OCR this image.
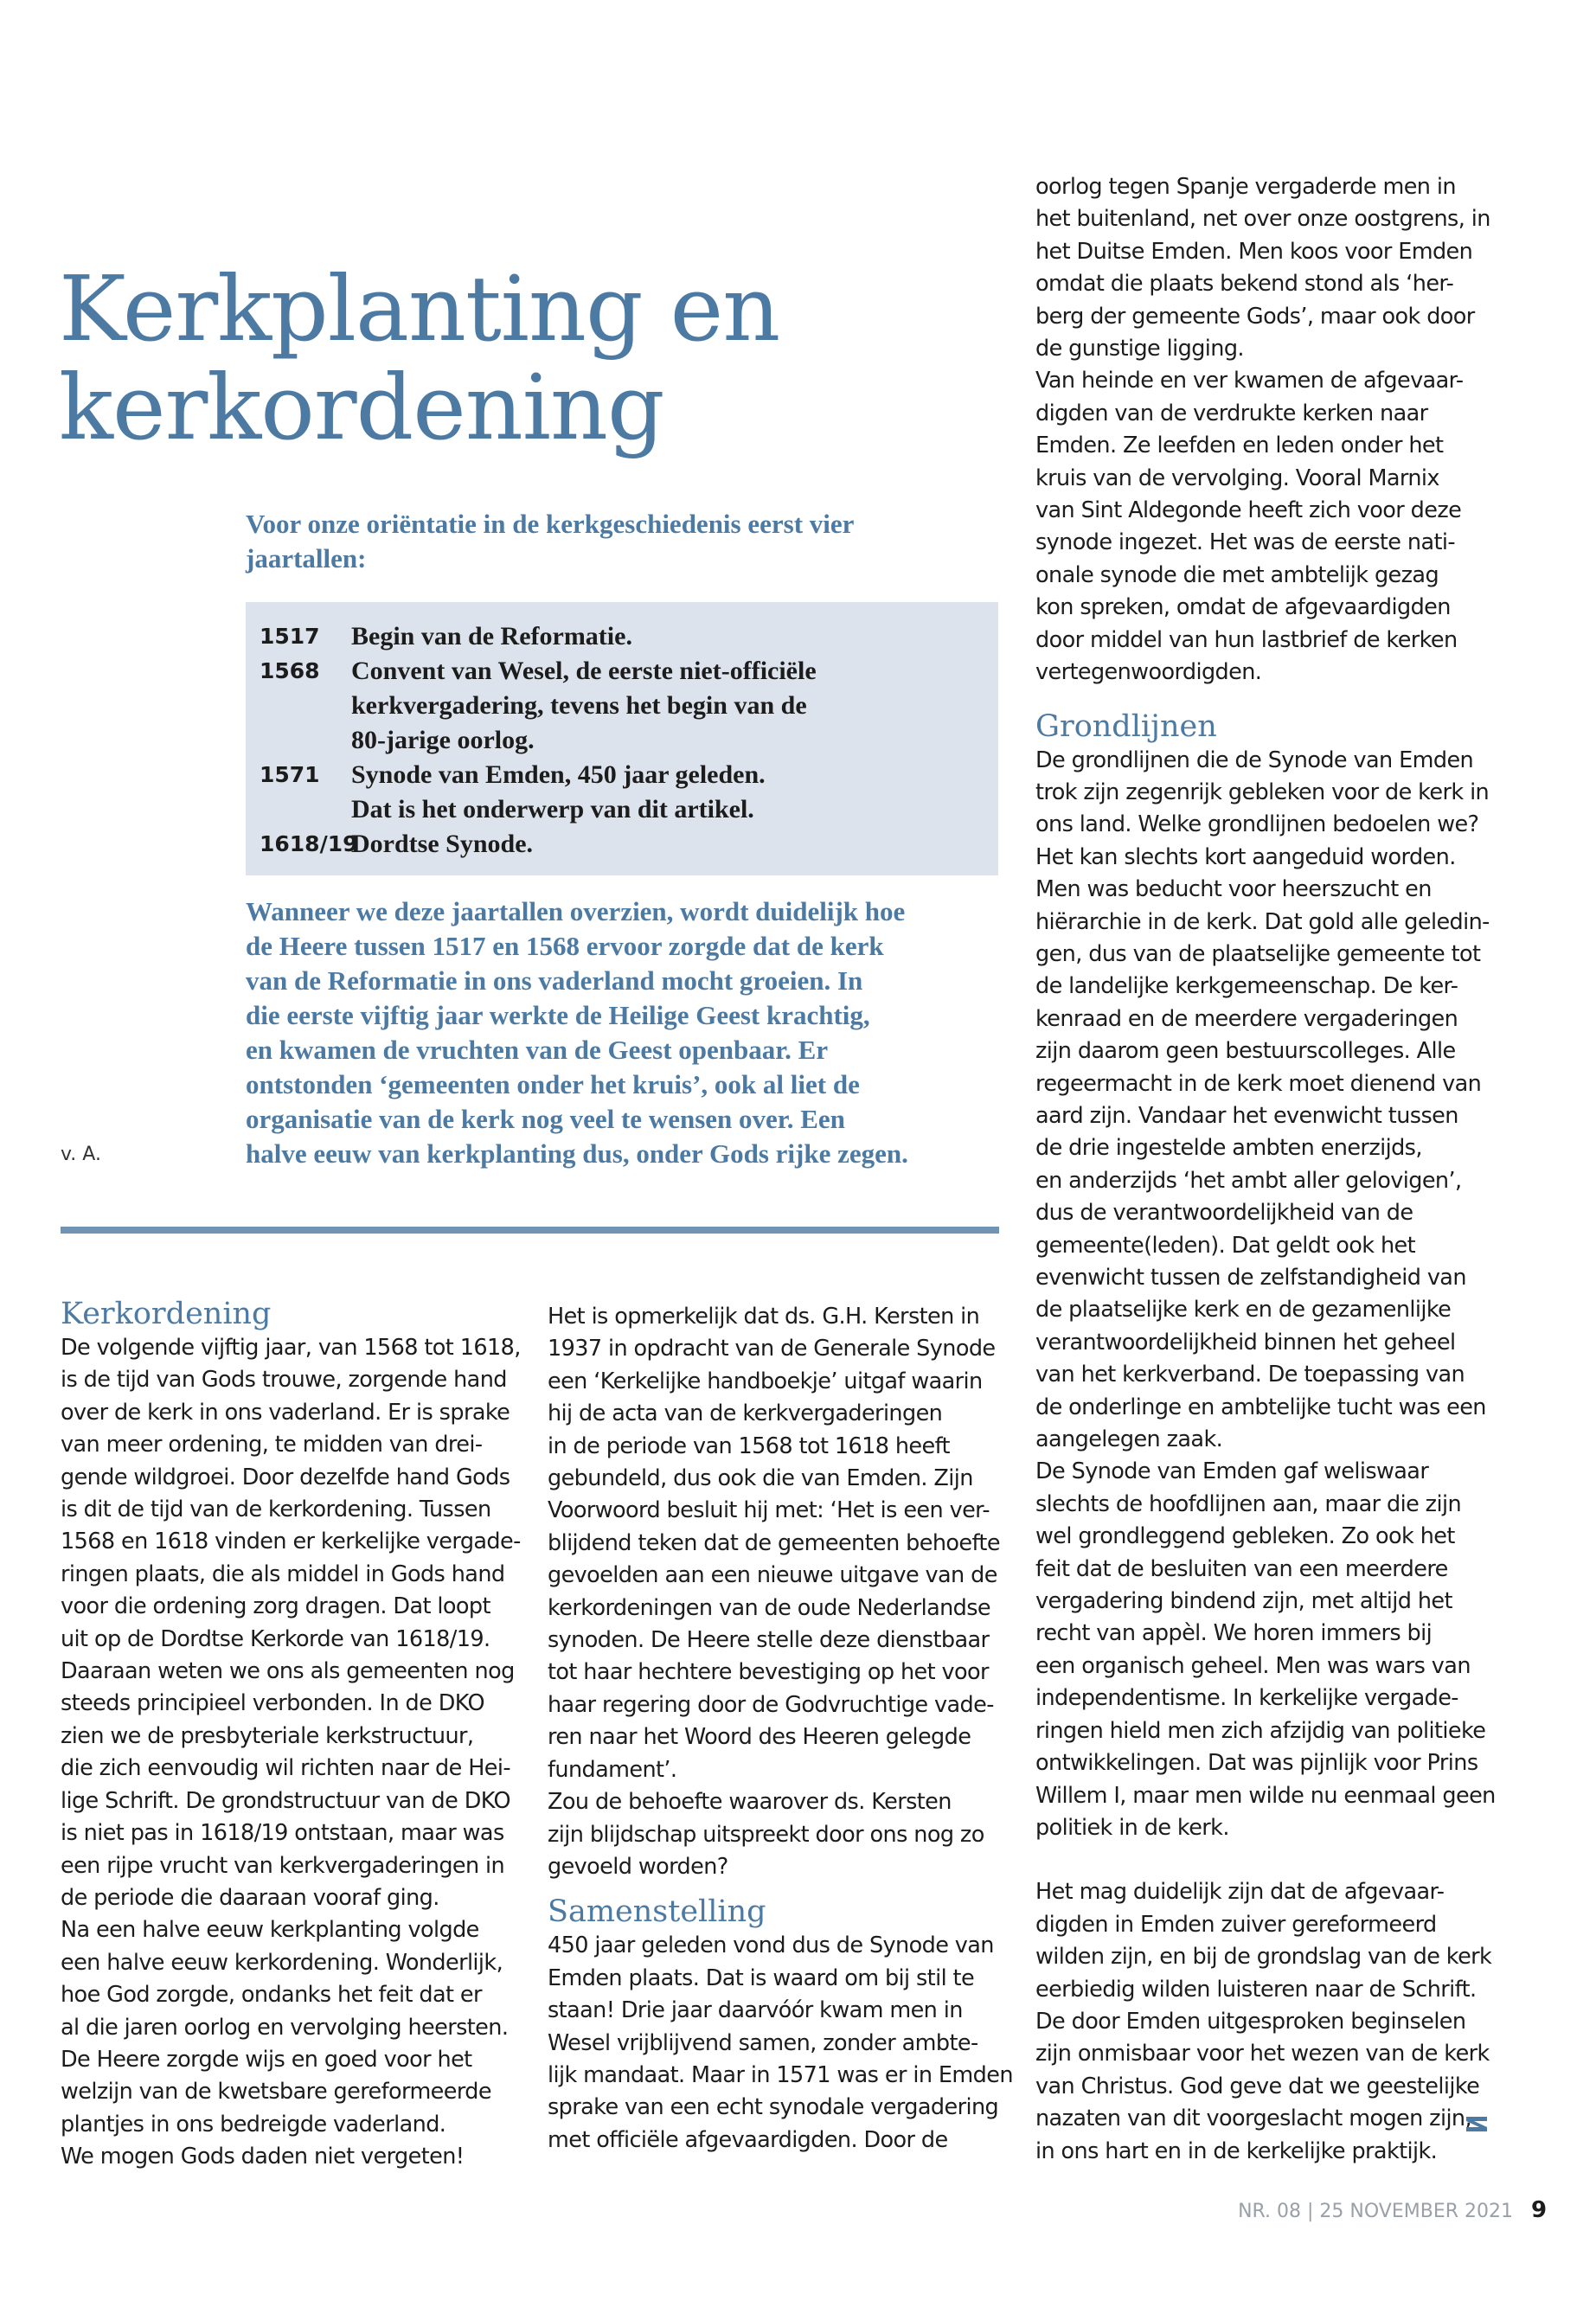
Kerkplanting en
kerkordening
Voor onze oriëntatie in de kerkgeschiedenis eerst vier
jaartallen:
1517 Begin van de Reformatie.
1568 Convent van Wesel, de eerste niet-officiële
kerkvergadering, tevens het begin van de
80-jarige oorlog.
1571 Synode van Emden, 450 jaar geleden.
Dat is het onderwerp van dit artikel.
1618/19
Dordtse Synode.
Wanneer we deze jaartallen overzien, wordt duidelijk hoe
de Heere tussen 1517 en 1568 ervoor zorgde dat de kerk
van de Reformatie in ons vaderland mocht groeien. In
die eerste vijftig jaar werkte de Heilige Geest krachtig,
en kwamen de vruchten van de Geest openbaar. Er
ontstonden ‘gemeenten onder het kruis’, ook al liet de
organisatie van de kerk nog veel te wensen over. Een
halve eeuw van kerkplanting dus, onder Gods rijke zegen.
v. A.
Kerkordening
De volgende vijftig jaar, van 1568 tot 1618,
is de tijd van Gods trouwe, zorgende hand
over de kerk in ons vaderland. Er is sprake
van meer ordening, te midden van drei-
gende wildgroei. Door dezelfde hand Gods
is dit de tijd van de kerkordening. Tussen
1568 en 1618 vinden er kerkelijke vergade-
ringen plaats, die als middel in Gods hand
voor die ordening zorg dragen. Dat loopt
uit op de Dordtse Kerkorde van 1618/19.
Daaraan weten we ons als gemeenten nog
steeds principieel verbonden. In de DKO
zien we de presbyteriale kerkstructuur,
die zich eenvoudig wil richten naar de Hei-
lige Schrift. De grondstructuur van de DKO
is niet pas in 1618/19 ontstaan, maar was
een rijpe vrucht van kerkvergaderingen in
de periode die daaraan vooraf ging.
Na een halve eeuw kerkplanting volgde
een halve eeuw kerkordening. Wonderlijk,
hoe God zorgde, ondanks het feit dat er
al die jaren oorlog en vervolging heersten.
De Heere zorgde wijs en goed voor het
welzijn van de kwetsbare gereformeerde
plantjes in ons bedreigde vaderland.
We mogen Gods daden niet vergeten!
Het is opmerkelijk dat ds. G.H. Kersten in
1937 in opdracht van de Generale Synode
een ‘Kerkelijke handboekje’ uitgaf waarin
hij de acta van de kerkvergaderingen
in de periode van 1568 tot 1618 heeft
gebundeld, dus ook die van Emden. Zijn
Voorwoord besluit hij met: ‘Het is een ver-
blijdend teken dat de gemeenten behoefte
gevoelden aan een nieuwe uitgave van de
kerkordeningen van de oude Nederlandse
synoden. De Heere stelle deze dienstbaar
tot haar hechtere bevestiging op het voor
haar regering door de Godvruchtige vade-
ren naar het Woord des Heeren gelegde
fundament’.
Zou de behoefte waarover ds. Kersten
zijn blijdschap uitspreekt door ons nog zo
gevoeld worden?
Samenstelling
450 jaar geleden vond dus de Synode van
Emden plaats. Dat is waard om bij stil te
staan! Drie jaar daarvóór kwam men in
Wesel vrijblijvend samen, zonder ambte-
lijk mandaat. Maar in 1571 was er in Emden
sprake van een echt synodale vergadering
met officiële afgevaardigden. Door de
oorlog tegen Spanje vergaderde men in
het buitenland, net over onze oostgrens, in
het Duitse Emden. Men koos voor Emden
omdat die plaats bekend stond als ‘her-
berg der gemeente Gods’, maar ook door
de gunstige ligging.
Van heinde en ver kwamen de afgevaar-
digden van de verdrukte kerken naar
Emden. Ze leefden en leden onder het
kruis van de vervolging. Vooral Marnix
van Sint Aldegonde heeft zich voor deze
synode ingezet. Het was de eerste nati-
onale synode die met ambtelijk gezag
kon spreken, omdat de afgevaardigden
door middel van hun lastbrief de kerken
vertegenwoordigden.
Grondlijnen
De grondlijnen die de Synode van Emden
trok zijn zegenrijk gebleken voor de kerk in
ons land. Welke grondlijnen bedoelen we?
Het kan slechts kort aangeduid worden.
Men was beducht voor heerszucht en
hiërarchie in de kerk. Dat gold alle geledin-
gen, dus van de plaatselijke gemeente tot
de landelijke kerkgemeenschap. De ker-
kenraad en de meerdere vergaderingen
zijn daarom geen bestuurscolleges. Alle
regeermacht in de kerk moet dienend van
aard zijn. Vandaar het evenwicht tussen
de drie ingestelde ambten enerzijds,
en anderzijds ‘het ambt aller gelovigen’,
dus de verantwoordelijkheid van de
gemeente(leden). Dat geldt ook het
evenwicht tussen de zelfstandigheid van
de plaatselijke kerk en de gezamenlijke
verantwoordelijkheid binnen het geheel
van het kerkverband. De toepassing van
de onderlinge en ambtelijke tucht was een
aangelegen zaak.
De Synode van Emden gaf weliswaar
slechts de hoofdlijnen aan, maar die zijn
wel grondleggend gebleken. Zo ook het
feit dat de besluiten van een meerdere
vergadering bindend zijn, met altijd het
recht van appèl. We horen immers bij
een organisch geheel. Men was wars van
independentisme. In kerkelijke vergade-
ringen hield men zich afzijdig van politieke
ontwikkelingen. Dat was pijnlijk voor Prins
Willem I, maar men wilde nu eenmaal geen
politiek in de kerk.
Het mag duidelijk zijn dat de afgevaar-
digden in Emden zuiver gereformeerd
wilden zijn, en bij de grondslag van de kerk
eerbiedig wilden luisteren naar de Schrift.
De door Emden uitgesproken beginselen
zijn onmisbaar voor het wezen van de kerk
van Christus. God geve dat we geestelijke
nazaten van dit voorgeslacht mogen zijn,
in ons hart en in de kerkelijke praktijk.
NR. 08 | 25 NOVEMBER 2021 9
